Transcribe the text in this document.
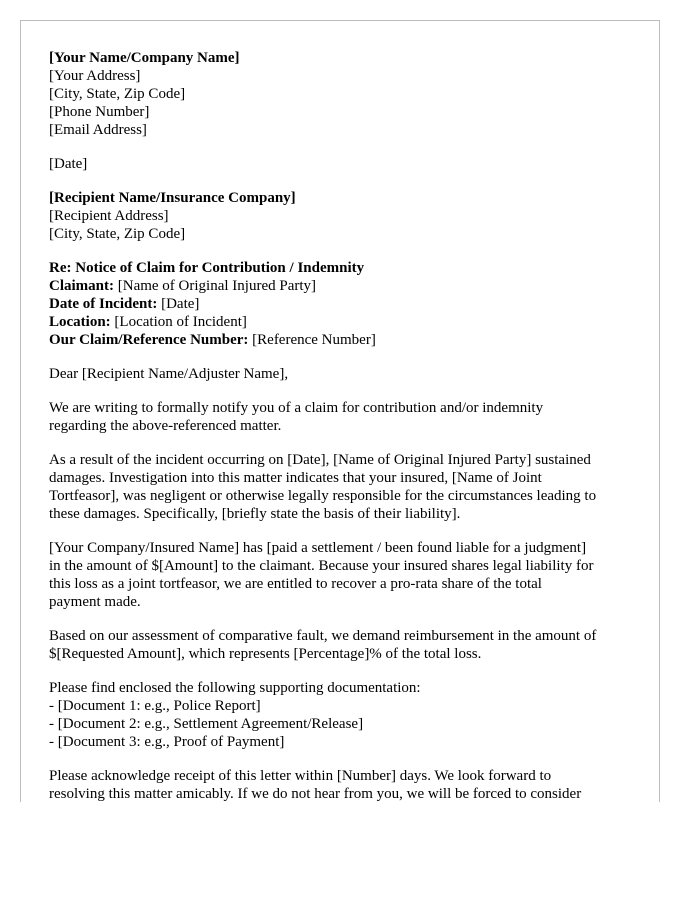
[Your Name/Company Name]
[Your Address]
[City, State, Zip Code]
[Phone Number]
[Email Address]
[Date]
[Recipient Name/Insurance Company]
[Recipient Address]
[City, State, Zip Code]
Re: Notice of Claim for Contribution / Indemnity
Claimant: [Name of Original Injured Party]
Date of Incident: [Date]
Location: [Location of Incident]
Our Claim/Reference Number: [Reference Number]
Dear [Recipient Name/Adjuster Name],
We are writing to formally notify you of a claim for contribution and/or indemnity
regarding the above-referenced matter.
As a result of the incident occurring on [Date], [Name of Original Injured Party] sustained
damages. Investigation into this matter indicates that your insured, [Name of Joint
Tortfeasor], was negligent or otherwise legally responsible for the circumstances leading to
these damages. Specifically, [briefly state the basis of their liability].
[Your Company/Insured Name] has [paid a settlement / been found liable for a judgment]
in the amount of $[Amount] to the claimant. Because your insured shares legal liability for
this loss as a joint tortfeasor, we are entitled to recover a pro-rata share of the total
payment made.
Based on our assessment of comparative fault, we demand reimbursement in the amount of
$[Requested Amount], which represents [Percentage]% of the total loss.
Please find enclosed the following supporting documentation:
- [Document 1: e.g., Police Report]
- [Document 2: e.g., Settlement Agreement/Release]
- [Document 3: e.g., Proof of Payment]
Please acknowledge receipt of this letter within [Number] days. We look forward to
resolving this matter amicably. If we do not hear from you, we will be forced to consider
